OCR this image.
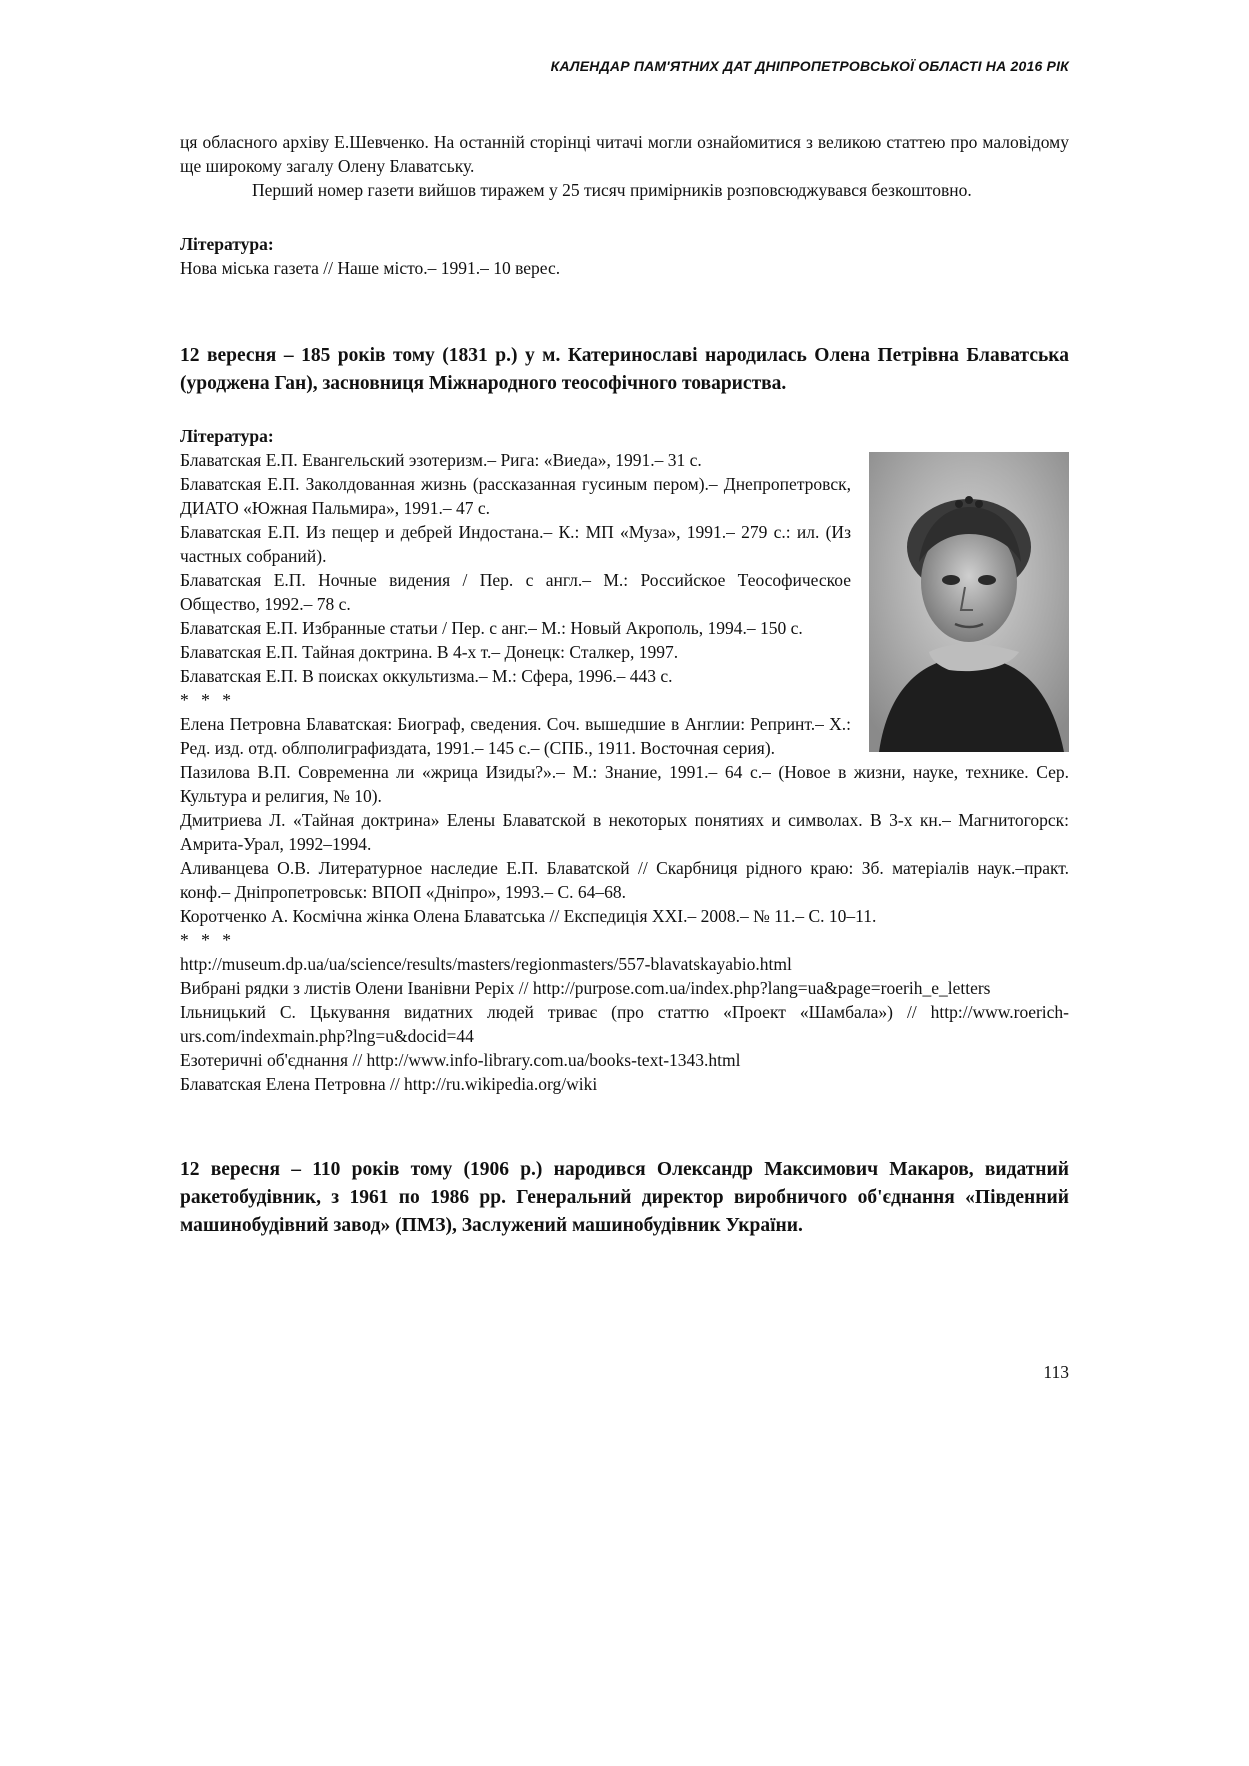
КАЛЕНДАР ПАМ'ЯТНИХ ДАТ ДНІПРОПЕТРОВСЬКОЇ ОБЛАСТІ НА 2016 РІК

ця обласного архіву Е.Шевченко. На останній сторінці читачі могли ознайомитися з великою статтею про маловідому ще широкому загалу Олену Блаватську.

Перший номер газети вийшов тиражем у 25 тисяч примірників розповсюджувався безкоштовно.

Література:

Нова міська газета // Наше місто.– 1991.– 10 верес.

12 вересня – 185 років тому (1831 р.) у м. Катеринославі народилась Олена Петрівна Блаватська (уроджена Ган), засновниця Міжнародного теософічного товариства.

Література:

Блаватская Е.П. Евангельский эзотеризм.– Рига: «Виеда», 1991.– 31 с.

Блаватская Е.П. Заколдованная жизнь (рассказанная гусиным пером).– Днепропетровск, ДИАТО «Южная Пальмира», 1991.– 47 с.

Блаватская Е.П. Из пещер и дебрей Индостана.– К.: МП «Муза», 1991.– 279 с.: ил. (Из частных собраний).

Блаватская Е.П. Ночные видения / Пер. с англ.– М.: Российское Теософическое Общество, 1992.– 78 с.

Блаватская Е.П. Избранные статьи / Пер. с анг.– М.: Новый Акрополь, 1994.– 150 с.

Блаватская Е.П. Тайная доктрина. В 4-х т.– Донецк: Сталкер, 1997.

Блаватская Е.П. В поисках оккультизма.– М.: Сфера, 1996.– 443 с.

* * *

Елена Петровна Блаватская: Биограф, сведения. Соч. вышедшие в Англии: Репринт.– Х.: Ред. изд. отд. облполиграфиздата, 1991.– 145 с.– (СПБ., 1911. Восточная серия).

Пазилова В.П. Современна ли «жрица Изиды?».– М.: Знание, 1991.– 64 с.– (Новое в жизни, науке, технике. Сер. Культура и религия, № 10).

Дмитриева Л. «Тайная доктрина» Елены Блаватской в некоторых понятиях и символах. В 3-х кн.– Магнитогорск: Амрита-Урал, 1992–1994.

Аливанцева О.В. Литературное наследие Е.П. Блаватской // Скарбниця рідного краю: Зб. матеріалів наук.–практ. конф.– Дніпропетровськ: ВПОП «Дніпро», 1993.– С. 64–68.

Коротченко А. Космічна жінка Олена Блаватська // Експедиція ХХІ.– 2008.– № 11.– С. 10–11.

* * *

http://museum.dp.ua/ua/science/results/masters/regionmasters/557-blavatskayabio.html

Вибрані рядки з листів Олени Іванівни Реріх // http://purpose.com.ua/index.php?lang=ua&page=roerih_e_letters

Ільницький С. Цькування видатних людей триває (про статтю «Проект «Шамбала») // http://www.roerich-urs.com/indexmain.php?lng=u&docid=44

Езотеричні об'єднання // http://www.info-library.com.ua/books-text-1343.html

Блаватская Елена Петровна // http://ru.wikipedia.org/wiki

12 вересня – 110 років тому (1906 р.) народився Олександр Максимович Макаров, видатний ракетобудівник, з 1961 по 1986 рр. Генеральний директор виробничого об'єднання «Південний машинобудівний завод» (ПМЗ), Заслужений машинобудівник України.

113
